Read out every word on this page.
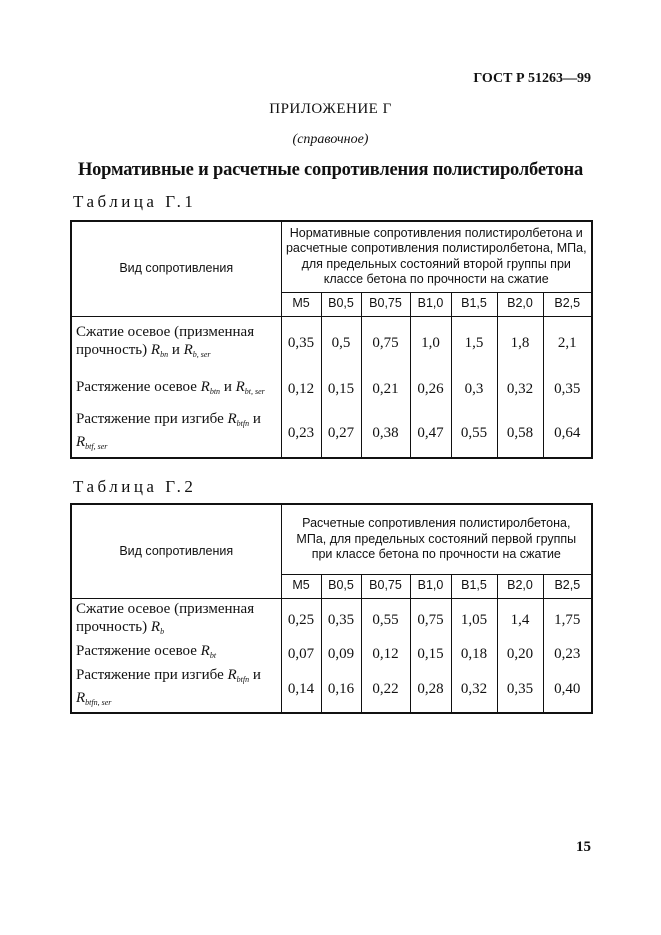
ГОСТ Р 51263—99
ПРИЛОЖЕНИЕ Г
(справочное)
Нормативные и расчетные сопротивления полистиролбетона
Таблица Г.1
Вид сопротивления	Нормативные сопротивления полистиролбетона и расчетные сопротивления полистиролбетона, МПа, для предельных состояний второй группы при классе бетона по прочности на сжатие						
	M5	B0,5	B0,75	B1,0	B1,5	B2,0	B2,5
Сжатие осевое (призменная прочность) $R_{bn}$ и $R_{b, ser}$	0,35	0,5	0,75	1,0	1,5	1,8	2,1
Растяжение осевое $R_{btn}$ и $R_{bt, ser}$	0,12	0,15	0,21	0,26	0,3	0,32	0,35
Растяжение при изгибе $R_{btfn}$ и $R_{btf, ser}$	0,23	0,27	0,38	0,47	0,55	0,58	0,64
Таблица Г.2
Вид сопротивления	Расчетные сопротивления полистиролбетона, МПа, для предельных состояний первой группы при классе бетона по прочности на сжатие						
	M5	B0,5	B0,75	B1,0	B1,5	B2,0	B2,5
Сжатие осевое (призменная прочность) $R_b$	0,25	0,35	0,55	0,75	1,05	1,4	1,75
Растяжение осевое $R_{bt}$	0,07	0,09	0,12	0,15	0,18	0,20	0,23
Растяжение при изгибе $R_{btfn}$ и $R_{btfn, ser}$	0,14	0,16	0,22	0,28	0,32	0,35	0,40
15
